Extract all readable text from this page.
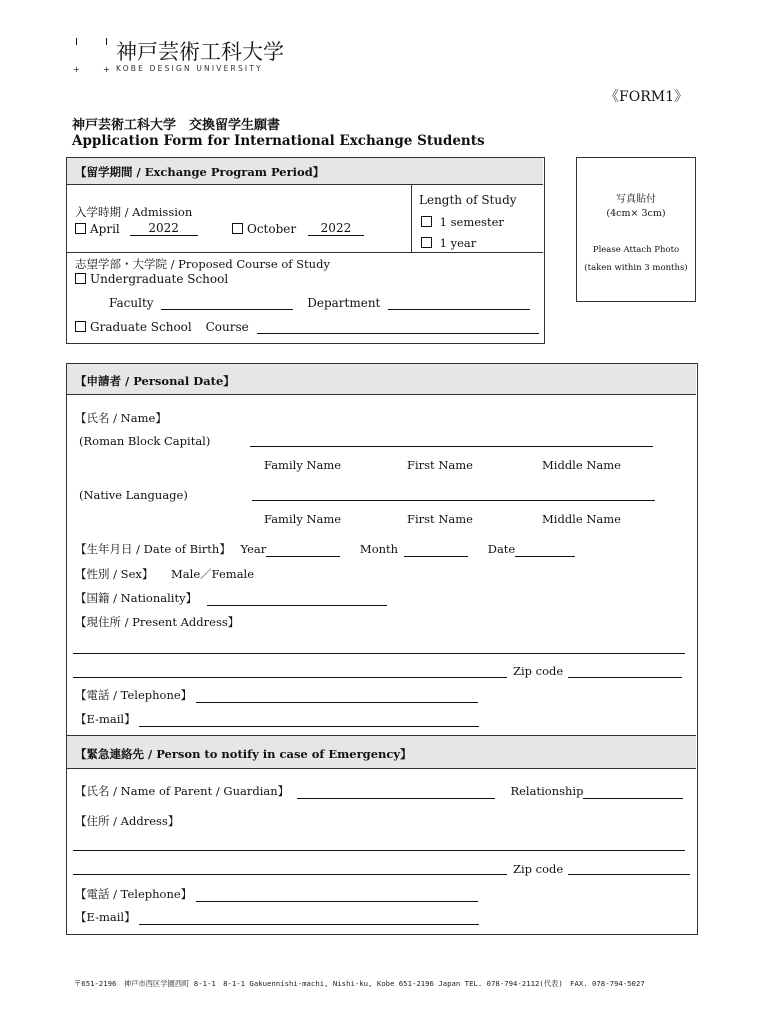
+	+
神戸芸術工科大学
KOBE DESIGN UNIVERSITY
《FORM1》
神戸芸術工科大学　交換留学生願書
Application Form for International Exchange Students
【留学期間 / Exchange Program Period】
入学時期 / Admission
April 2022	October 2022
Length of Study
1 semester
1 year
志望学部・大学院 / Proposed Course of Study
Undergraduate School
Faculty	Department
Graduate School Course
写真貼付
(4cm× 3cm)
Please Attach Photo
(taken within 3 months)
【申請者 / Personal Date】
【氏名 / Name】
(Roman Block Capital)
Family Name	First Name	Middle Name
(Native Language)
Family Name	First Name	Middle Name
【生年月日 / Date of Birth】 Year	Month	Date
【性別 / Sex】 Male／Female
【国籍 / Nationality】
【現住所 / Present Address】
Zip code
【電話 / Telephone】
【E-mail】
【緊急連絡先 / Person to notify in case of Emergency】
【氏名 / Name of Parent / Guardian】	Relationship
【住所 / Address】
Zip code
【電話 / Telephone】
【E-mail】
〒651-2196　神戸市西区学園西町 8-1-1　8-1-1 Gakuennishi-machi, Nishi-ku, Kobe 651-2196 Japan TEL. 078-794-2112(代表)　FAX. 078-794-5027
